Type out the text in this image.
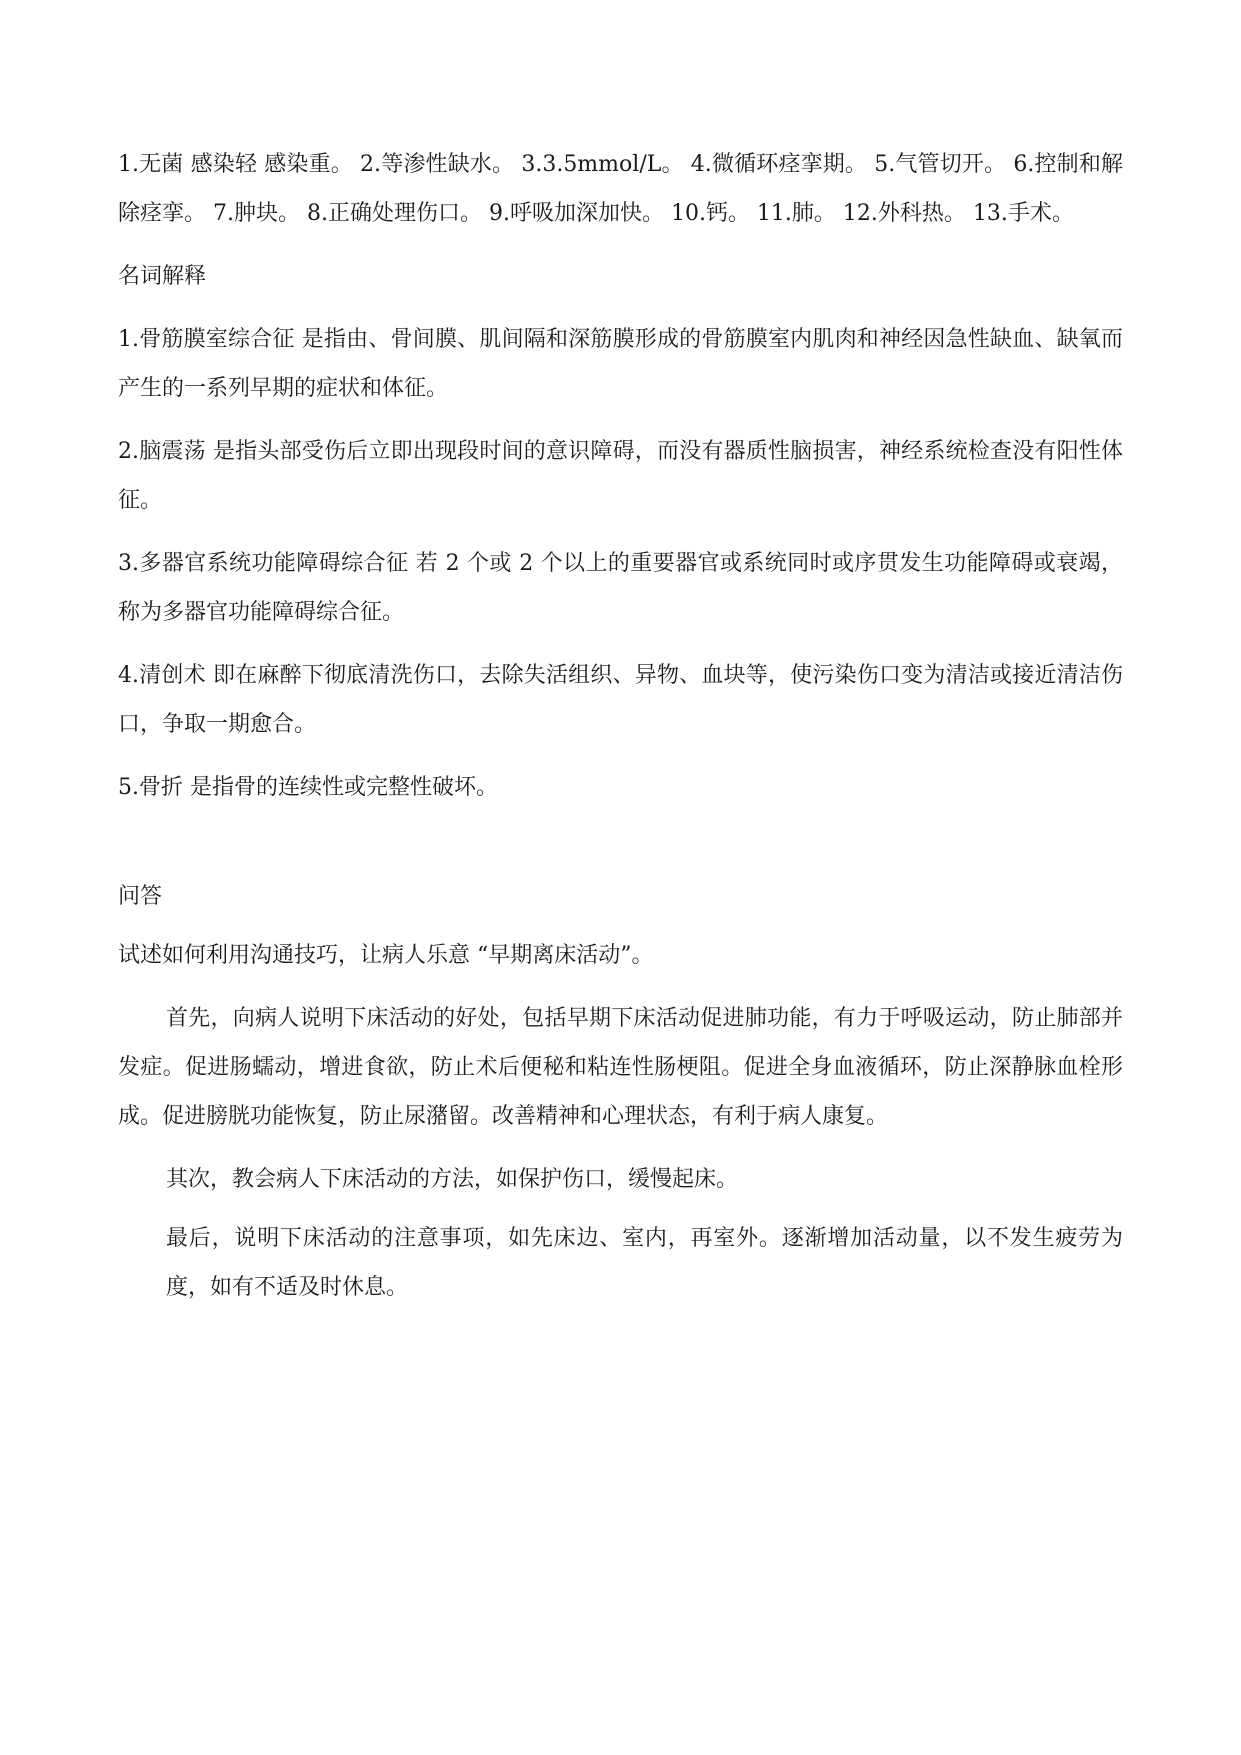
1.无菌 感染轻 感染重。 2.等渗性缺水。 3.3.5mmol/L。 4.微循环痉挛期。 5.气管切开。 6.控制和解除痉挛。 7.肿块。 8.正确处理伤口。 9.呼吸加深加快。 10.钙。 11.肺。 12.外科热。 13.手术。

名词解释

1.骨筋膜室综合征 是指由、骨间膜、肌间隔和深筋膜形成的骨筋膜室内肌肉和神经因急性缺血、缺氧而产生的一系列早期的症状和体征。

2.脑震荡 是指头部受伤后立即出现段时间的意识障碍，而没有器质性脑损害，神经系统检查没有阳性体征。

3.多器官系统功能障碍综合征 若 2 个或 2 个以上的重要器官或系统同时或序贯发生功能障碍或衰竭，称为多器官功能障碍综合征。

4.清创术 即在麻醉下彻底清洗伤口，去除失活组织、异物、血块等，使污染伤口变为清洁或接近清洁伤口，争取一期愈合。

5.骨折 是指骨的连续性或完整性破坏。

问答

试述如何利用沟通技巧，让病人乐意 “早期离床活动”。

首先，向病人说明下床活动的好处，包括早期下床活动促进肺功能，有力于呼吸运动，防止肺部并发症。促进肠蠕动，增进食欲，防止术后便秘和粘连性肠梗阻。促进全身血液循环，防止深静脉血栓形成。促进膀胱功能恢复，防止尿潴留。改善精神和心理状态，有利于病人康复。

其次，教会病人下床活动的方法，如保护伤口，缓慢起床。

最后，说明下床活动的注意事项，如先床边、室内，再室外。逐渐增加活动量，以不发生疲劳为度，如有不适及时休息。
